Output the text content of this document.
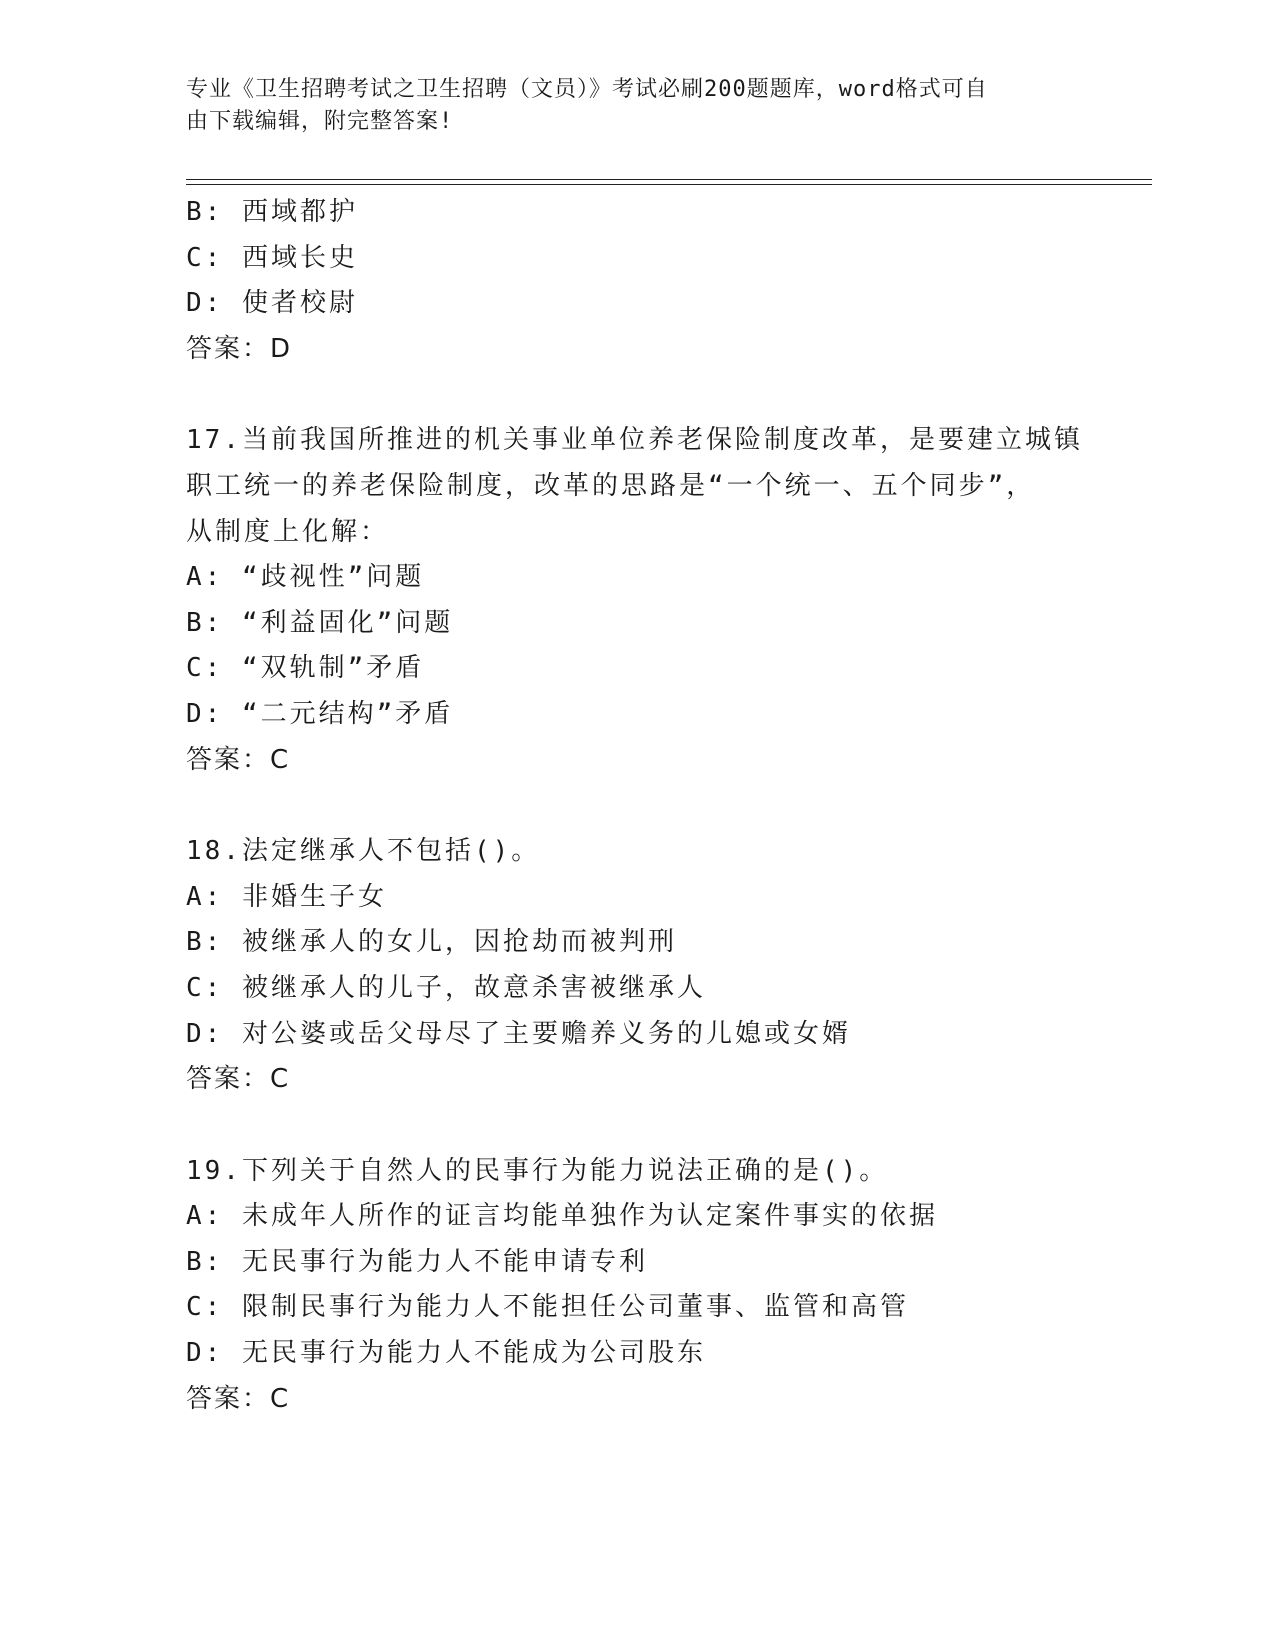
专业《卫生招聘考试之卫生招聘（文员）》考试必刷200题题库，word格式可自
由下载编辑，附完整答案!
B: 西域都护
C: 西域长史
D: 使者校尉
答案：D
17.当前我国所推进的机关事业单位养老保险制度改革，是要建立城镇
职工统一的养老保险制度，改革的思路是“一个统一、五个同步”，
从制度上化解：
A: “歧视性”问题
B: “利益固化”问题
C: “双轨制”矛盾
D: “二元结构”矛盾
答案：C
18.法定继承人不包括()。
A: 非婚生子女
B: 被继承人的女儿，因抢劫而被判刑
C: 被继承人的儿子，故意杀害被继承人
D: 对公婆或岳父母尽了主要赡养义务的儿媳或女婿
答案：C
19.下列关于自然人的民事行为能力说法正确的是()。
A: 未成年人所作的证言均能单独作为认定案件事实的依据
B: 无民事行为能力人不能申请专利
C: 限制民事行为能力人不能担任公司董事、监管和高管
D: 无民事行为能力人不能成为公司股东
答案：C
